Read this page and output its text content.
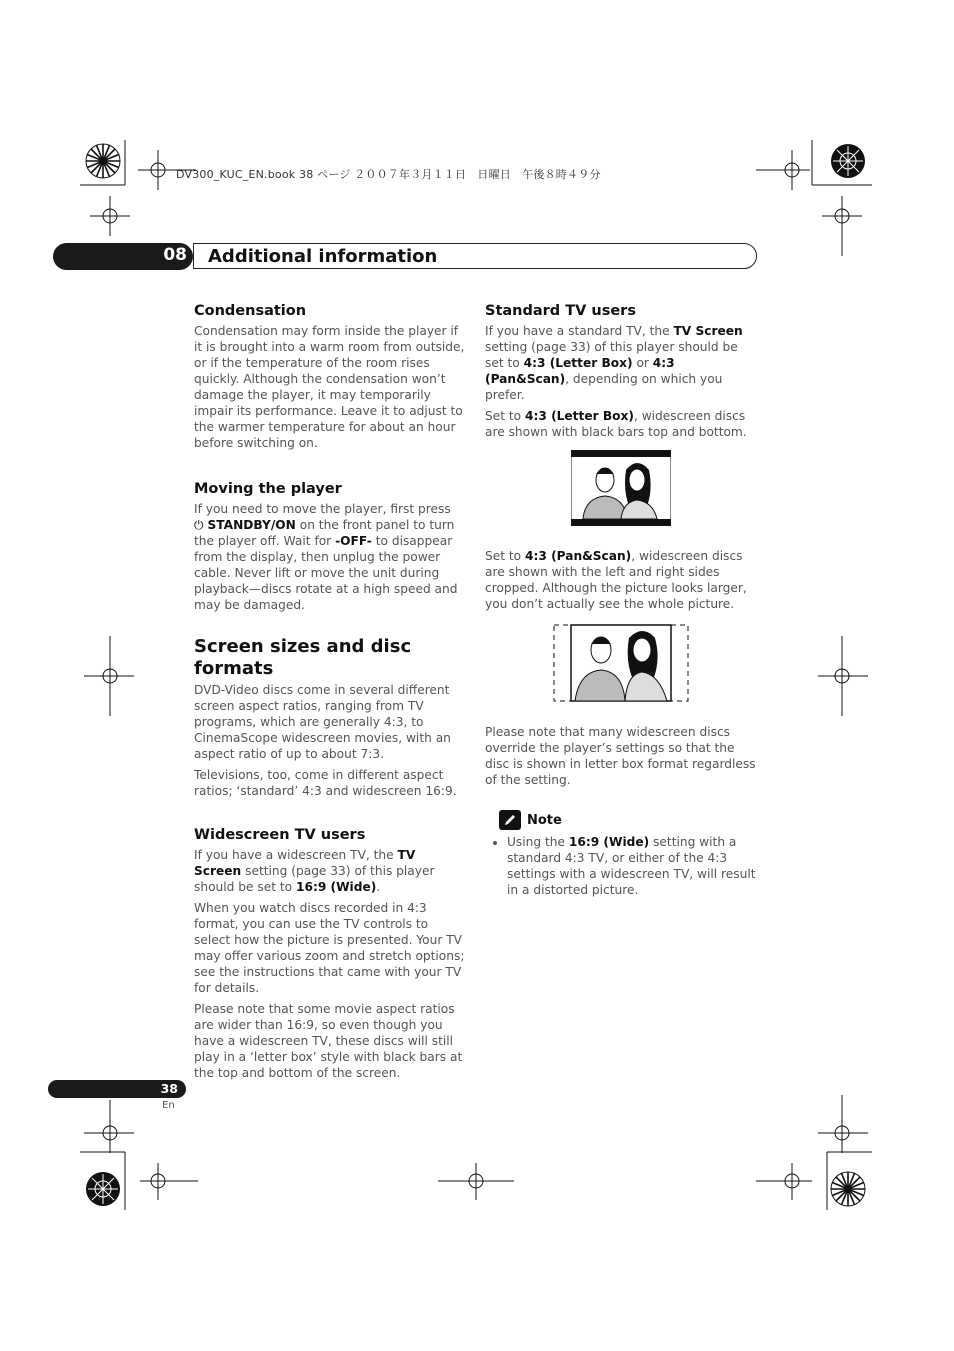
DV300_KUC_EN.book 38 ページ ２００７年３月１１日　日曜日　午後８時４９分
08 Additional information
Condensation

Condensation may form inside the player if it is brought into a warm room from outside, or if the temperature of the room rises quickly. Although the condensation won’t damage the player, it may temporarily impair its performance. Leave it to adjust to the warmer temperature for about an hour before switching on.

Moving the player

If you need to move the player, first press
⏻ STANDBY/ON on the front panel to turn the player off. Wait for -OFF- to disappear from the display, then unplug the power cable. Never lift or move the unit during playback—discs rotate at a high speed and may be damaged.

Screen sizes and disc formats

DVD-Video discs come in several different screen aspect ratios, ranging from TV programs, which are generally 4:3, to CinemaScope widescreen movies, with an aspect ratio of up to about 7:3.

Televisions, too, come in different aspect ratios; ‘standard’ 4:3 and widescreen 16:9.

Widescreen TV users

If you have a widescreen TV, the TV Screen setting (page 33) of this player should be set to 16:9 (Wide).

When you watch discs recorded in 4:3 format, you can use the TV controls to select how the picture is presented. Your TV may offer various zoom and stretch options; see the instructions that came with your TV for details.

Please note that some movie aspect ratios are wider than 16:9, so even though you have a widescreen TV, these discs will still play in a ‘letter box’ style with black bars at the top and bottom of the screen.

Standard TV users

If you have a standard TV, the TV Screen setting (page 33) of this player should be set to 4:3 (Letter Box) or 4:3 (Pan&Scan), depending on which you prefer.

Set to 4:3 (Letter Box), widescreen discs are shown with black bars top and bottom.

Set to 4:3 (Pan&Scan), widescreen discs are shown with the left and right sides cropped. Although the picture looks larger, you don’t actually see the whole picture.

Please note that many widescreen discs override the player’s settings so that the disc is shown in letter box format regardless of the setting.

Note
• Using the 16:9 (Wide) setting with a standard 4:3 TV, or either of the 4:3 settings with a widescreen TV, will result in a distorted picture.
38
En
